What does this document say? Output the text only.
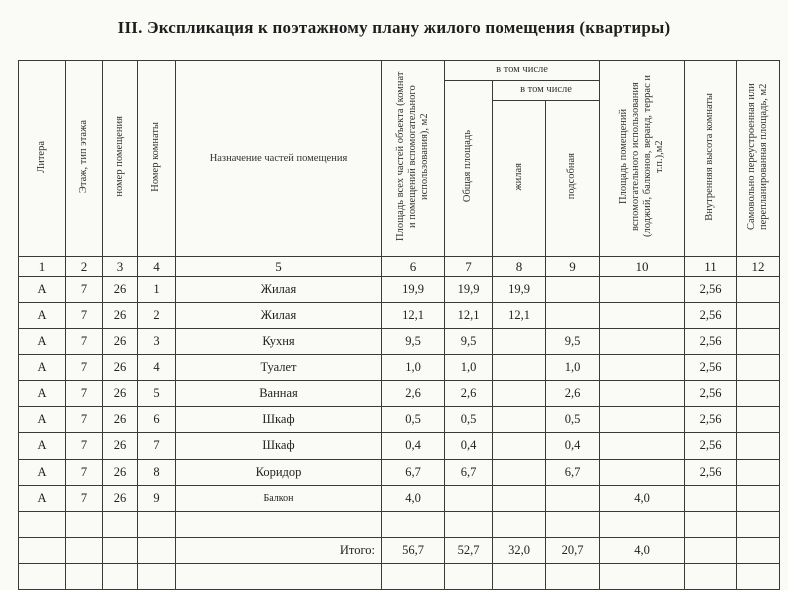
III. Экспликация к поэтажному плану жилого помещения (квартиры)
Литера	Этаж, тип этажа	номер помещения	Номер комнаты	Назначение частей помещения	Площадь всех частей объекта (комнат и помещений вспомогательного использования), м2	в том числе			Площадь помещений вспомогательного использования (лоджий, балконов, веранд, террас и т.п.),м2	Внутренняя высота комнаты	Самовольно переустроенная или перепланированная площадь, м2
						Общая площадь	в том числе				
							жилая	подсобная			
1	2	3	4	5	6	7	8	9	10	11	12
А	7	26	1	Жилая	19,9	19,9	19,9			2,56	
А	7	26	2	Жилая	12,1	12,1	12,1			2,56	
А	7	26	3	Кухня	9,5	9,5		9,5		2,56	
А	7	26	4	Туалет	1,0	1,0		1,0		2,56	
А	7	26	5	Ванная	2,6	2,6		2,6		2,56	
А	7	26	6	Шкаф	0,5	0,5		0,5		2,56	
А	7	26	7	Шкаф	0,4	0,4		0,4		2,56	
А	7	26	8	Коридор	6,7	6,7		6,7		2,56	
А	7	26	9	Балкон	4,0				4,0		

				Итого:	56,7	52,7	32,0	20,7	4,0		
